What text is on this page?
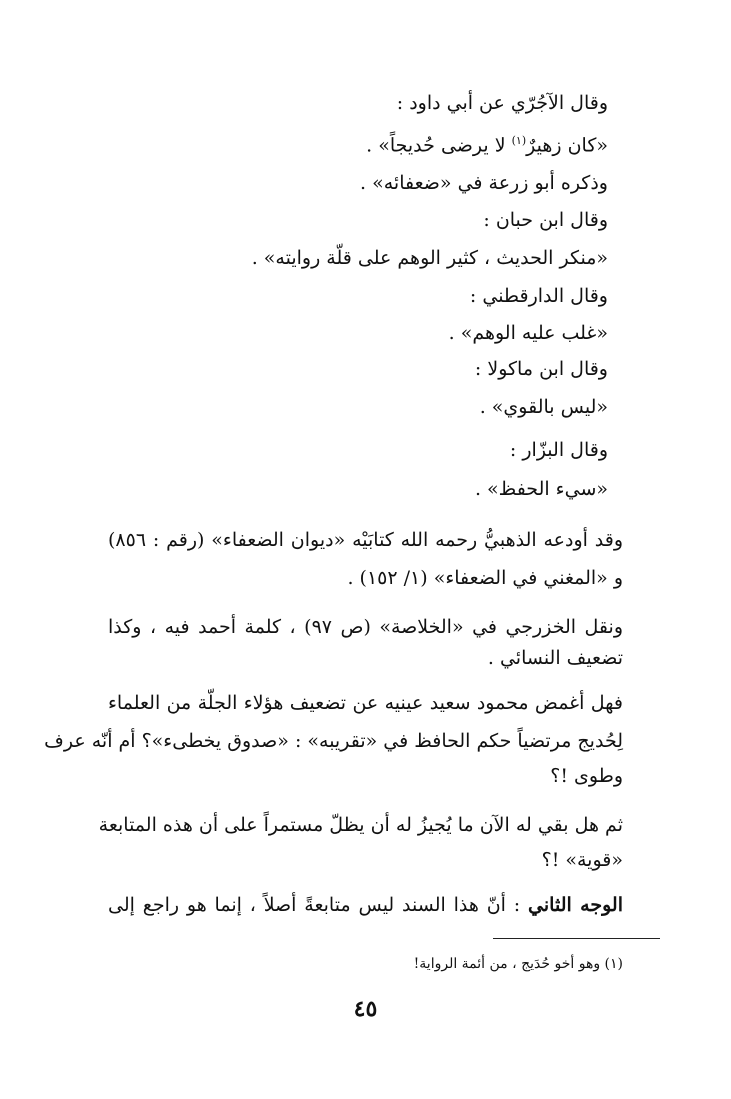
وقال الآجُرّي عن أبي داود :
«كان زهيرٌ$^{(١)}$ لا يرضى حُديجاً» .
وذكره أبو زرعة في «ضعفائه» .
وقال ابن حبان :
«منكر الحديث ، كثير الوهم على قلّة روايته» .
وقال الدارقطني :
«غلب عليه الوهم» .
وقال ابن ماكولا :
«ليس بالقوي» .
وقال البزّار :
«سيء الحفظ» .
وقد أودعه الذهبيُّ رحمه الله كتابَيْه «ديوان الضعفاء» (رقم : ٨٥٦)
و «المغني في الضعفاء» (١/ ١٥٢) .
ونقل الخزرجي في «الخلاصة» (ص ٩٧) ، كلمة أحمد فيه ، وكذا
تضعيف النسائي .
فهل أغمض محمود سعيد عينيه عن تضعيف هؤلاء الجلّة من العلماء
لِحُديج مرتضياً حكم الحافظ في «تقريبه» : «صدوق يخطىء»؟ أم أنّه عرف
وطوى !؟
ثم هل بقي له الآن ما يُجيزُ له أن يظلّ مستمراً على أن هذه المتابعة
«قوية» !؟
الوجه الثاني : أنّ هذا السند ليس متابعةً أصلاً ، إنما هو راجع إلى
(١) وهو أخو حُدَيج ، من أئمة الرواية!
٤٥
